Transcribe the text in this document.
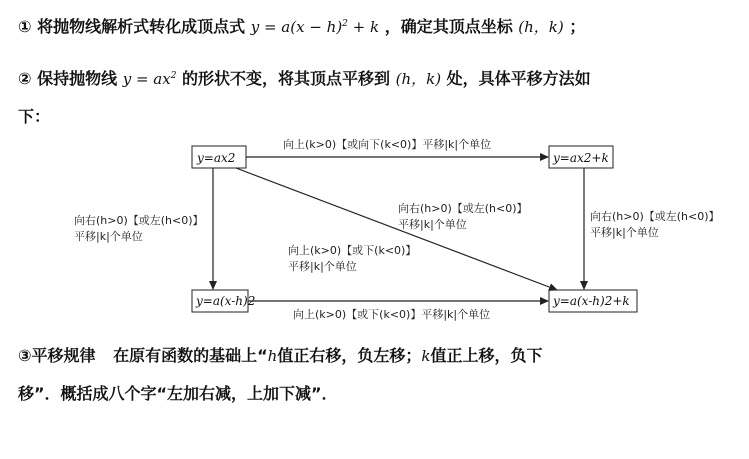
① 将抛物线解析式转化成顶点式 $y = a(x - h)^2 + k$ ，确定其顶点坐标 (h，k) ；
② 保持抛物线 $y = ax^2$ 的形状不变，将其顶点平移到 (h，k) 处，具体平移方法如
下：
y=ax2	y=ax2+k
y=a(x-h)2	y=a(x-h)2+k
向上(k>0)【或向下(k<0)】平移|k|个单位
向上(k>0)【或下(k<0)】平移|k|个单位
向右(h>0)【或左(h<0)】
平移|k|个单位
向右(h>0)【或左(h<0)】
平移|k|个单位
向右(h>0)【或左(h<0)】
平移|k|个单位
向上(k>0)【或下(k<0)】
平移|k|个单位
③平移规律 在原有函数的基础上“h值正右移，负左移；k值正上移，负下
移”．概括成八个字“左加右减，上加下减”．
